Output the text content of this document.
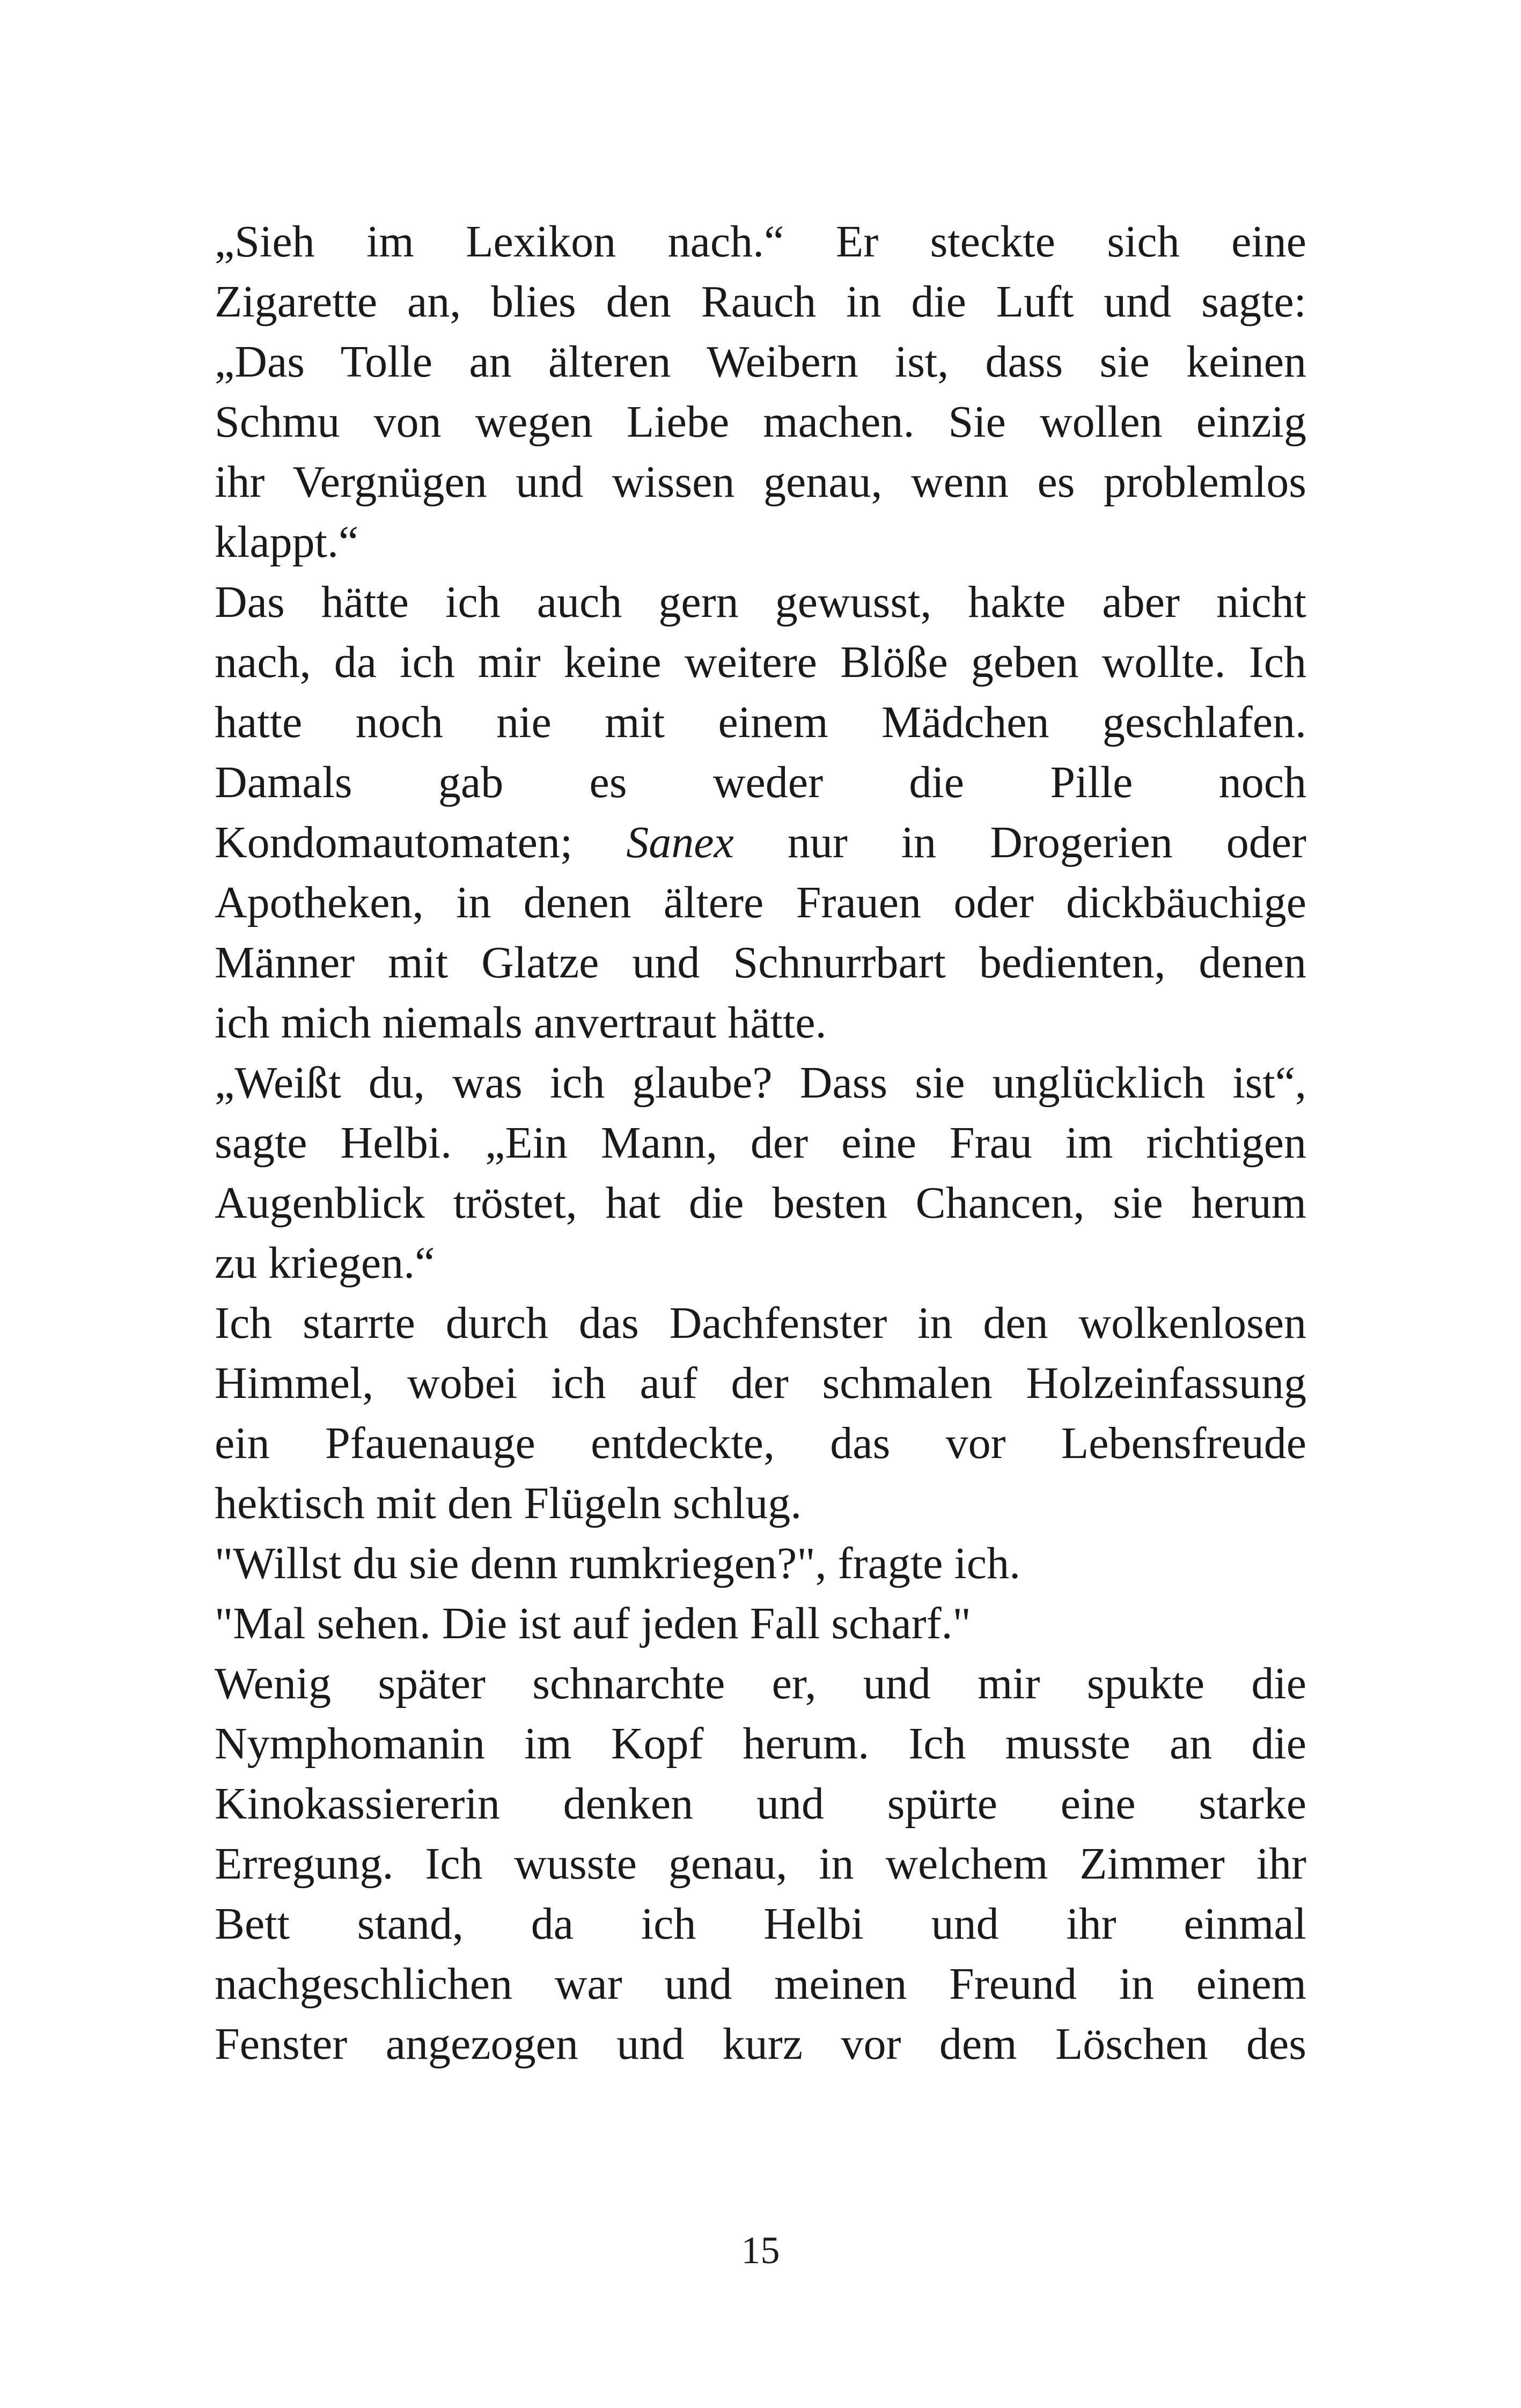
„Sieh im Lexikon nach.“ Er steckte sich eine
Zigarette an, blies den Rauch in die Luft und sagte:
„Das Tolle an älteren Weibern ist, dass sie keinen
Schmu von wegen Liebe machen. Sie wollen einzig
ihr Vergnügen und wissen genau, wenn es problemlos
klappt.“
Das hätte ich auch gern gewusst, hakte aber nicht
nach, da ich mir keine weitere Blöße geben wollte. Ich
hatte noch nie mit einem Mädchen geschlafen.
Damals gab es weder die Pille noch
Kondomautomaten; Sanex nur in Drogerien oder
Apotheken, in denen ältere Frauen oder dickbäuchige
Männer mit Glatze und Schnurrbart bedienten, denen
ich mich niemals anvertraut hätte.
„Weißt du, was ich glaube? Dass sie unglücklich ist“,
sagte Helbi. „Ein Mann, der eine Frau im richtigen
Augenblick tröstet, hat die besten Chancen, sie herum
zu kriegen.“
Ich starrte durch das Dachfenster in den wolkenlosen
Himmel, wobei ich auf der schmalen Holzeinfassung
ein Pfauenauge entdeckte, das vor Lebensfreude
hektisch mit den Flügeln schlug.
"Willst du sie denn rumkriegen?", fragte ich.
"Mal sehen. Die ist auf jeden Fall scharf."
Wenig später schnarchte er, und mir spukte die
Nymphomanin im Kopf herum. Ich musste an die
Kinokassiererin denken und spürte eine starke
Erregung. Ich wusste genau, in welchem Zimmer ihr
Bett stand, da ich Helbi und ihr einmal
nachgeschlichen war und meinen Freund in einem
Fenster angezogen und kurz vor dem Löschen des
15
